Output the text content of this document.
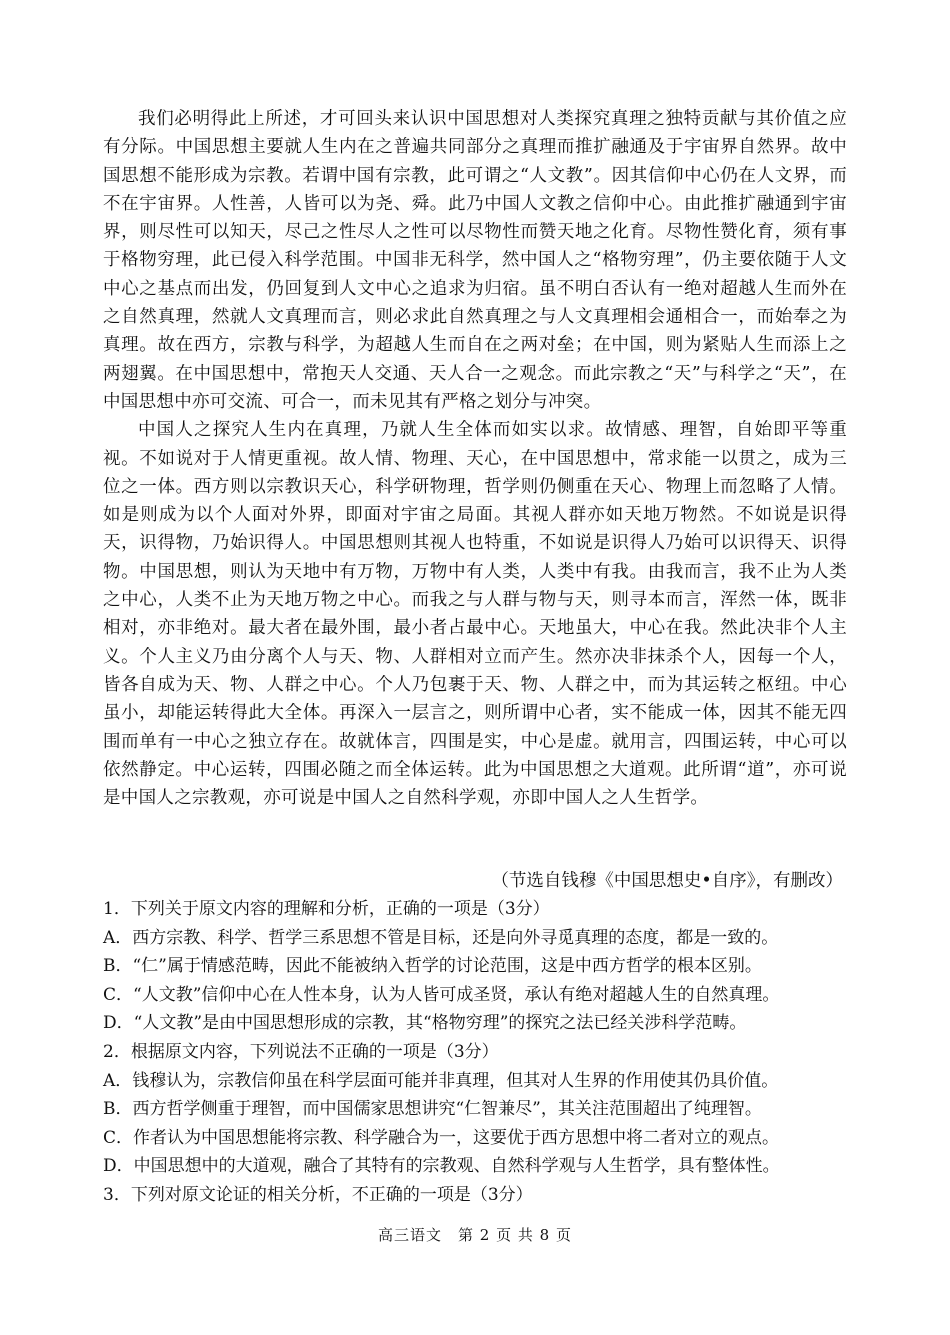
我们必明得此上所述，才可回头来认识中国思想对人类探究真理之独特贡献与其价值之应有分际。中国思想主要就人生内在之普遍共同部分之真理而推扩融通及于宇宙界自然界。故中国思想不能形成为宗教。若谓中国有宗教，此可谓之“人文教”。因其信仰中心仍在人文界，而不在宇宙界。人性善，人皆可以为尧、舜。此乃中国人文教之信仰中心。由此推扩融通到宇宙界，则尽性可以知天，尽己之性尽人之性可以尽物性而赞天地之化育。尽物性赞化育，须有事于格物穷理，此已侵入科学范围。中国非无科学，然中国人之“格物穷理”，仍主要依随于人文中心之基点而出发，仍回复到人文中心之追求为归宿。虽不明白否认有一绝对超越人生而外在之自然真理，然就人文真理而言，则必求此自然真理之与人文真理相会通相合一，而始奉之为真理。故在西方，宗教与科学，为超越人生而自在之两对垒；在中国，则为紧贴人生而添上之两翅翼。在中国思想中，常抱天人交通、天人合一之观念。而此宗教之“天”与科学之“天”，在中国思想中亦可交流、可合一，而未见其有严格之划分与冲突。

中国人之探究人生内在真理，乃就人生全体而如实以求。故情感、理智，自始即平等重视。不如说对于人情更重视。故人情、物理、天心，在中国思想中，常求能一以贯之，成为三位之一体。西方则以宗教识天心，科学研物理，哲学则仍侧重在天心、物理上而忽略了人情。如是则成为以个人面对外界，即面对宇宙之局面。其视人群亦如天地万物然。不如说是识得天，识得物，乃始识得人。中国思想则其视人也特重，不如说是识得人乃始可以识得天、识得物。中国思想，则认为天地中有万物，万物中有人类，人类中有我。由我而言，我不止为人类之中心，人类不止为天地万物之中心。而我之与人群与物与天，则寻本而言，浑然一体，既非相对，亦非绝对。最大者在最外围，最小者占最中心。天地虽大，中心在我。然此决非个人主义。个人主义乃由分离个人与天、物、人群相对立而产生。然亦决非抹杀个人，因每一个人，皆各自成为天、物、人群之中心。个人乃包裹于天、物、人群之中，而为其运转之枢纽。中心虽小，却能运转得此大全体。再深入一层言之，则所谓中心者，实不能成一体，因其不能无四围而单有一中心之独立存在。故就体言，四围是实，中心是虚。就用言，四围运转，中心可以依然静定。中心运转，四围必随之而全体运转。此为中国思想之大道观。此所谓“道”，亦可说是中国人之宗教观，亦可说是中国人之自然科学观，亦即中国人之人生哲学。

（节选自钱穆《中国思想史•自序》，有删改）

1．下列关于原文内容的理解和分析，正确的一项是（3分）

A．西方宗教、科学、哲学三系思想不管是目标，还是向外寻觅真理的态度，都是一致的。

B．“仁”属于情感范畴，因此不能被纳入哲学的讨论范围，这是中西方哲学的根本区别。

C．“人文教”信仰中心在人性本身，认为人皆可成圣贤，承认有绝对超越人生的自然真理。

D．“人文教”是由中国思想形成的宗教，其“格物穷理”的探究之法已经关涉科学范畴。

2．根据原文内容，下列说法不正确的一项是（3分）

A．钱穆认为，宗教信仰虽在科学层面可能并非真理，但其对人生界的作用使其仍具价值。

B．西方哲学侧重于理智，而中国儒家思想讲究“仁智兼尽”，其关注范围超出了纯理智。

C．作者认为中国思想能将宗教、科学融合为一，这要优于西方思想中将二者对立的观点。

D．中国思想中的大道观，融合了其特有的宗教观、自然科学观与人生哲学，具有整体性。

3．下列对原文论证的相关分析，不正确的一项是（3分）

高三语文　第 2 页 共 8 页
